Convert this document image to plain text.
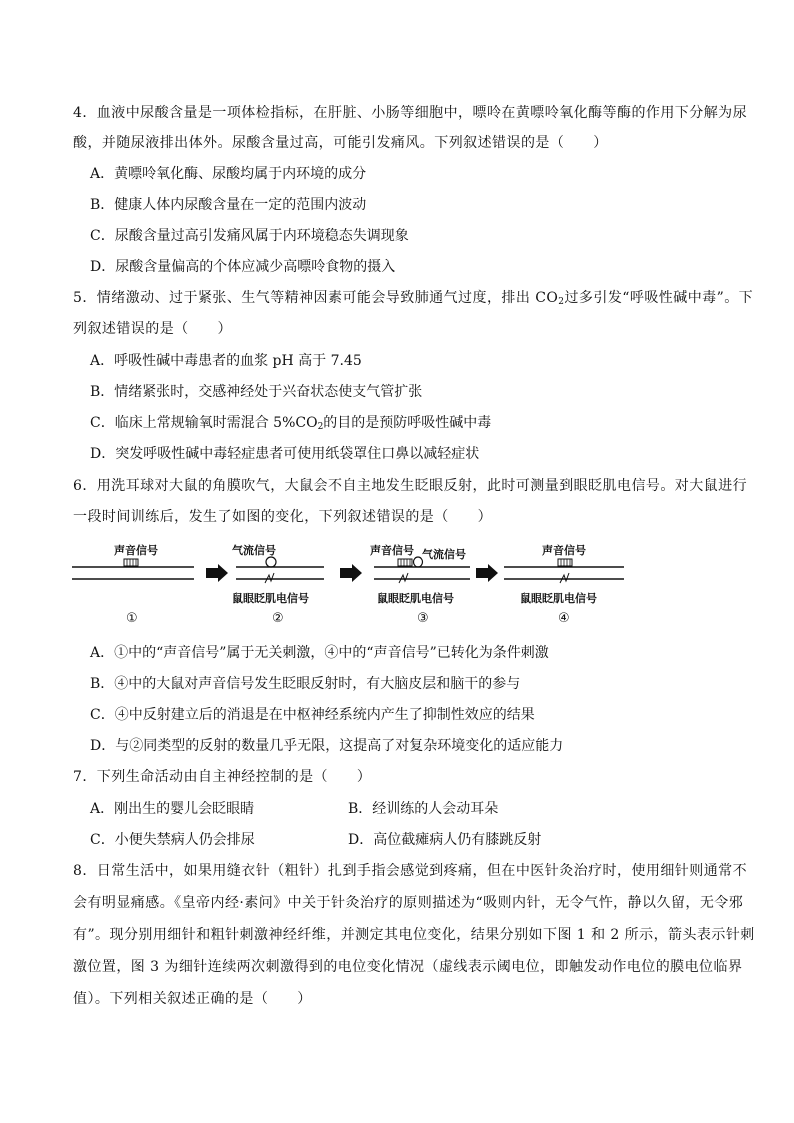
4．血液中尿酸含量是一项体检指标，在肝脏、小肠等细胞中，嘌呤在黄嘌呤氧化酶等酶的作用下分解为尿
酸，并随尿液排出体外。尿酸含量过高，可能引发痛风。下列叙述错误的是（　　）
A．黄嘌呤氧化酶、尿酸均属于内环境的成分
B．健康人体内尿酸含量在一定的范围内波动
C．尿酸含量过高引发痛风属于内环境稳态失调现象
D．尿酸含量偏高的个体应减少高嘌呤食物的摄入
5．情绪激动、过于紧张、生气等精神因素可能会导致肺通气过度，排出 $CO_2$过多引发“呼吸性碱中毒”。下
列叙述错误的是（　　）
A．呼吸性碱中毒患者的血浆 pH 高于 7.45
B．情绪紧张时，交感神经处于兴奋状态使支气管扩张
C．临床上常规输氧时需混合 $5\%CO_2$的目的是预防呼吸性碱中毒
D．突发呼吸性碱中毒轻症患者可使用纸袋罩住口鼻以减轻症状
6．用洗耳球对大鼠的角膜吹气，大鼠会不自主地发生眨眼反射，此时可测量到眼眨肌电信号。对大鼠进行
一段时间训练后，发生了如图的变化，下列叙述错误的是（　　）
声音信号
①
气流信号
鼠眼眨肌电信号
②
声音信号 气流信号
鼠眼眨肌电信号
③
声音信号
鼠眼眨肌电信号
④
A．①中的“声音信号”属于无关刺激，④中的“声音信号”已转化为条件刺激
B．④中的大鼠对声音信号发生眨眼反射时，有大脑皮层和脑干的参与
C．④中反射建立后的消退是在中枢神经系统内产生了抑制性效应的结果
D．与②同类型的反射的数量几乎无限，这提高了对复杂环境变化的适应能力
7．下列生命活动由自主神经控制的是（　　）
A．刚出生的婴儿会眨眼睛	B．经训练的人会动耳朵
C．小便失禁病人仍会排尿	D．高位截瘫病人仍有膝跳反射
8．日常生活中，如果用缝衣针（粗针）扎到手指会感觉到疼痛，但在中医针灸治疗时，使用细针则通常不
会有明显痛感。《皇帝内经·素问》中关于针灸治疗的原则描述为“吸则内针，无令气忤，静以久留，无令邪
有”。现分别用细针和粗针刺激神经纤维，并测定其电位变化，结果分别如下图 1 和 2 所示，箭头表示针刺
激位置，图 3 为细针连续两次刺激得到的电位变化情况（虚线表示阈电位，即触发动作电位的膜电位临界
值）。下列相关叙述正确的是（　　）
